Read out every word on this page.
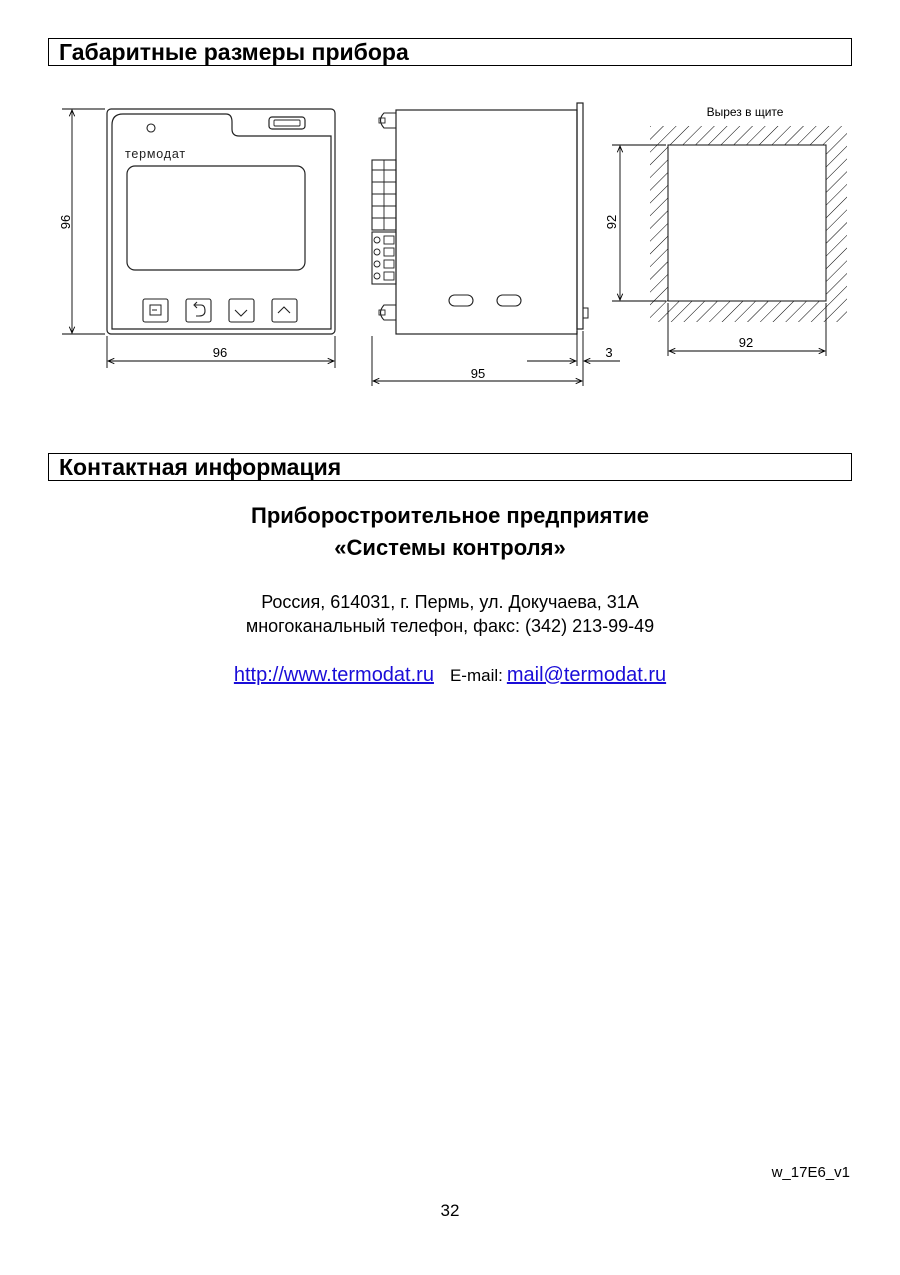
Габаритные размеры прибора
термодат
96
96
95
3
Вырез в щите
92
92
Контактная информация
Приборостроительное предприятие
«Системы контроля»
Россия, 614031, г. Пермь, ул. Докучаева, 31А
многоканальный телефон, факс: (342) 213-99-49
http://www.termodat.ru E-mail: mail@termodat.ru
w_17E6_v1
32
